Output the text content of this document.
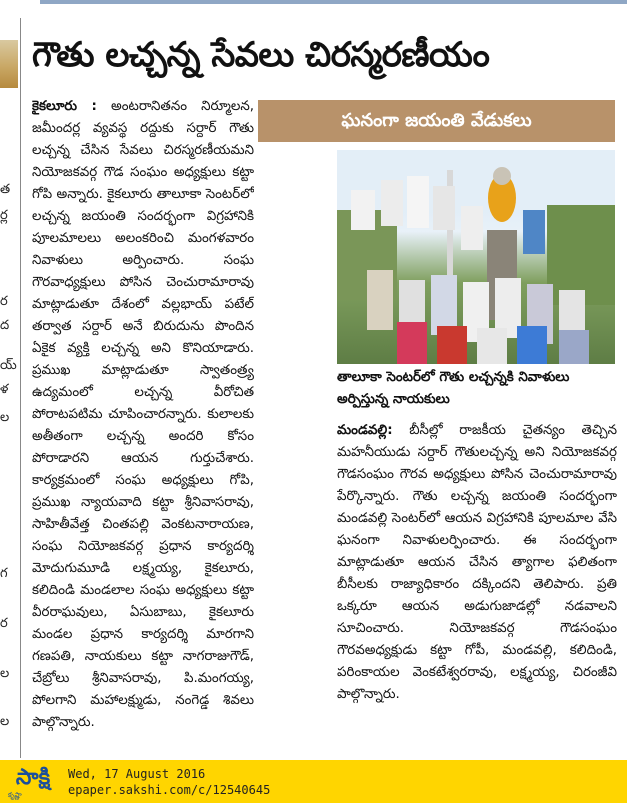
త
ర్ల
ర
ద
య్
ళ
ల
గ
ర
ల
ల
గౌతు లచ్చన్న సేవలు చిరస్మరణీయం

కైకలూరు : అంటరానితనం నిర్మూలన, జమీందర్ల వ్యవస్థ రద్దుకు సర్దార్ గౌతు లచ్చన్న చేసిన సేవలు చిరస్మరణీయమని నియోజకవర్గ గౌడ సంఘం అధ్యక్షులు కట్టా గోపి అన్నారు. కైకలూరు తాలూకా సెంటర్‌లో లచ్చన్న జయంతి సందర్భంగా విగ్రహానికి పూలమాలలు అలంకరించి మంగళవారం నివాళులు అర్పించారు. సంఘ గౌరవాధ్యక్షులు పోసిన చెంచురామారావు మాట్లాడుతూ దేశంలో వల్లభాయ్ పటేల్ తర్వాత సర్దార్ అనే బిరుదును పొందిన ఏకైక వ్యక్తి లచ్చన్న అని కొనియాడారు. ప్రముఖ మాట్లాడుతూ స్వాతంత్ర్య ఉద్యమంలో లచ్చన్న వీరోచిత పోరాటపటిమ చూపించారన్నారు. కులాలకు అతీతంగా లచ్చన్న అందరి కోసం పోరాడారని ఆయన గుర్తుచేశారు. కార్యక్రమంలో సంఘ అధ్యక్షులు గోపి, ప్రముఖ న్యాయవాది కట్టా శ్రీనివాసరావు, సాహితీవేత్త చింతపల్లి వెంకటనారాయణ, సంఘ నియోజకవర్గ ప్రధాన కార్యదర్శి మోదుగుమూడి లక్ష్మయ్య, కైకలూరు, కలిదిండి మండలాల సంఘ అధ్యక్షులు కట్టా వీరరాఘవులు, ఏసుబాబు, కైకలూరు మండల ప్రధాన కార్యదర్శి మారగాని గణపతి, నాయకులు కట్టా నాగరాజుగౌడ్, చేబ్రోలు శ్రీనివాసరావు, పి.మంగయ్య, పోలగాని మహాలక్ష్ముడు, నంగెడ్డ శివలు పాల్గొన్నారు.

ఘనంగా జయంతి వేడుకలు
తాలూకా సెంటర్‌లో గౌతు లచ్చన్నకి నివాళులు అర్పిస్తున్న నాయకులు

మండవల్లి: బీసీల్లో రాజకీయ చైతన్యం తెచ్చిన మహనీయుడు సర్దార్ గౌతులచ్చన్న అని నియోజకవర్గ గౌడసంఘం గౌరవ అధ్యక్షులు పోసిన చెంచురామారావు పేర్కొన్నారు. గౌతు లచ్చన్న జయంతి సందర్భంగా మండవల్లి సెంటర్‌లో ఆయన విగ్రహానికి పూలమాల వేసి ఘనంగా నివాళులర్పించారు. ఈ సందర్భంగా మాట్లాడుతూ ఆయన చేసిన త్యాగాల ఫలితంగా బీసీలకు రాజ్యాధికారం దక్కిందని తెలిపారు. ప్రతి ఒక్కరూ ఆయన అడుగుజాడల్లో నడవాలని సూచించారు. నియోజకవర్గ గౌడసంఘం గౌరవఅధ్యక్షుడు కట్టా గోపీ, మండవల్లి, కలిదిండి, పరింకాయల వెంకటేశ్వరరావు, లక్ష్మయ్య, చిరంజీవి పాల్గొన్నారు.

సాక్షి
కృష్ణా
Wed, 17 August 2016
epaper.sakshi.com/c/12540645
